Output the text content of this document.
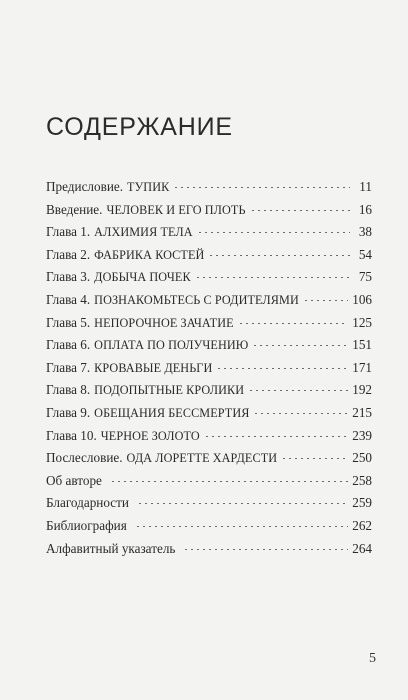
СОДЕРЖАНИЕ
Предисловие. ТУПИК	11
Введение. ЧЕЛОВЕК И ЕГО ПЛОТЬ	16
Глава 1. АЛХИМИЯ ТЕЛА	38
Глава 2. ФАБРИКА КОСТЕЙ	54
Глава 3. ДОБЫЧА ПОЧЕК	75
Глава 4. ПОЗНАКОМЬТЕСЬ С РОДИТЕЛЯМИ	106
Глава 5. НЕПОРОЧНОЕ ЗАЧАТИЕ	125
Глава 6. ОПЛАТА ПО ПОЛУЧЕНИЮ	151
Глава 7. КРОВАВЫЕ ДЕНЬГИ	171
Глава 8. ПОДОПЫТНЫЕ КРОЛИКИ	192
Глава 9. ОБЕЩАНИЯ БЕССМЕРТИЯ	215
Глава 10. ЧЕРНОЕ ЗОЛОТО	239
Послесловие. ОДА ЛОРЕТТЕ ХАРДЕСТИ	250
Об авторе	258
Благодарности	259
Библиография	262
Алфавитный указатель	264
5
